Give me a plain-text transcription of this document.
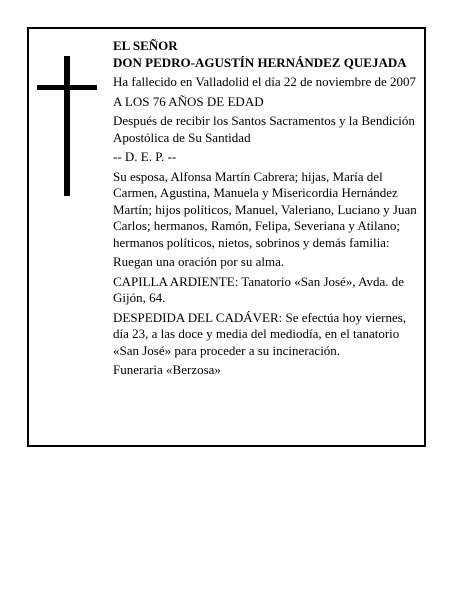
EL SEÑOR

DON PEDRO-AGUSTÍN HERNÁNDEZ QUEJADA

Ha fallecido en Valladolid el día 22 de noviembre de 2007

A LOS 76 AÑOS DE EDAD

Después de recibir los Santos Sacramentos y la Bendición Apostólica de Su Santidad

-- D. E. P. --

Su esposa, Alfonsa Martín Cabrera; hijas, María del Carmen, Agustina, Manuela y Misericordia Hernández Martín; hijos políticos, Manuel, Valeriano, Luciano y Juan Carlos; hermanos, Ramón, Felipa, Severiana y Atilano; hermanos políticos, nietos, sobrinos y demás familia:

Ruegan una oración por su alma.

CAPILLA ARDIENTE: Tanatorio «San José», Avda. de Gijón, 64.

DESPEDIDA DEL CADÁVER: Se efectúa hoy viernes, día 23, a las doce y media del mediodía, en el tanatorio «San José» para proceder a su incineración.

Funeraria «Berzosa»
